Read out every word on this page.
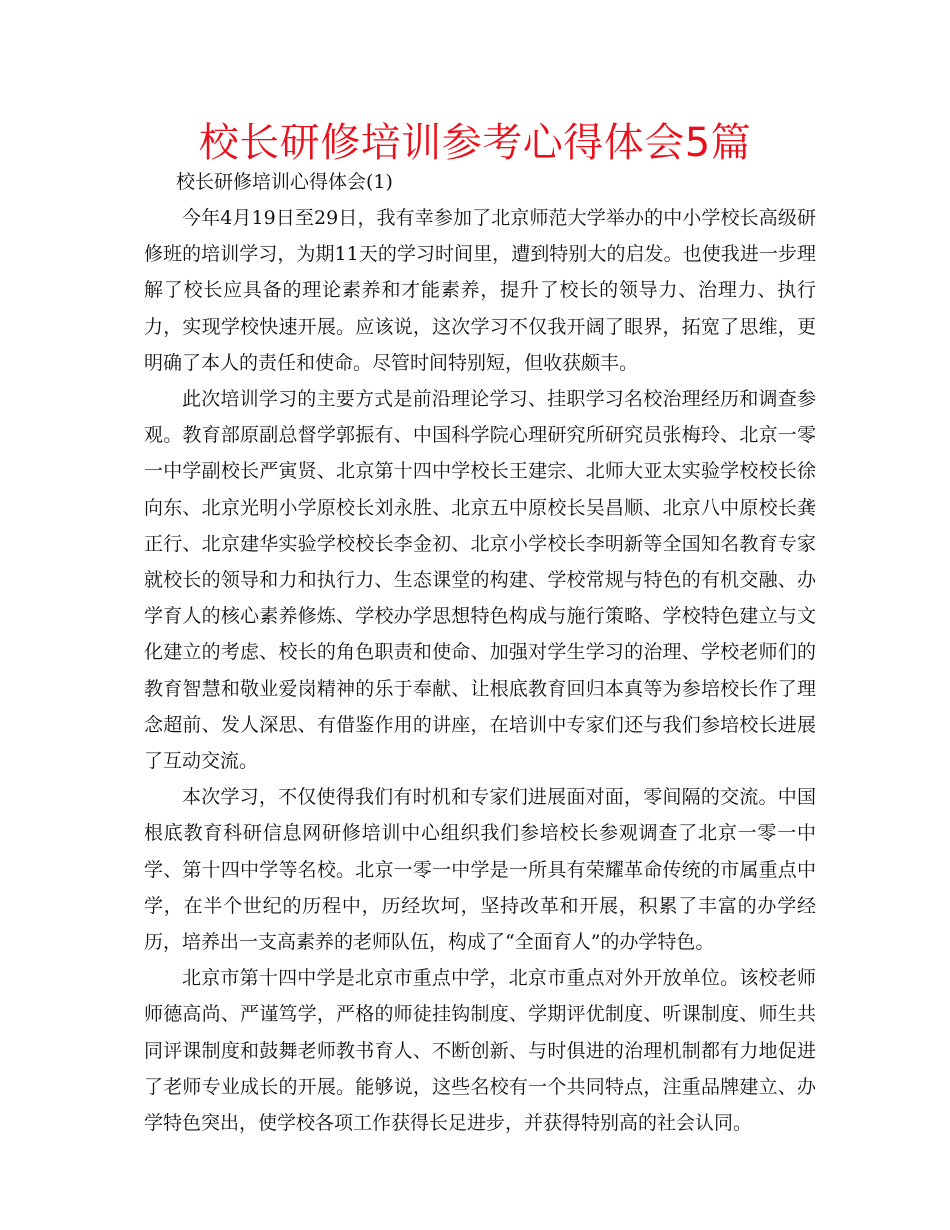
校长研修培训参考心得体会5篇

校长研修培训心得体会(1)

今年4月19日至29日，我有幸参加了北京师范大学举办的中小学校长高级研修班的培训学习，为期11天的学习时间里，遭到特别大的启发。也使我进一步理解了校长应具备的理论素养和才能素养，提升了校长的领导力、治理力、执行力，实现学校快速开展。应该说，这次学习不仅我开阔了眼界，拓宽了思维，更明确了本人的责任和使命。尽管时间特别短，但收获颇丰。

此次培训学习的主要方式是前沿理论学习、挂职学习名校治理经历和调查参观。教育部原副总督学郭振有、中国科学院心理研究所研究员张梅玲、北京一零一中学副校长严寅贤、北京第十四中学校长王建宗、北师大亚太实验学校校长徐向东、北京光明小学原校长刘永胜、北京五中原校长吴昌顺、北京八中原校长龚正行、北京建华实验学校校长李金初、北京小学校长李明新等全国知名教育专家就校长的领导和力和执行力、生态课堂的构建、学校常规与特色的有机交融、办学育人的核心素养修炼、学校办学思想特色构成与施行策略、学校特色建立与文化建立的考虑、校长的角色职责和使命、加强对学生学习的治理、学校老师们的教育智慧和敬业爱岗精神的乐于奉献、让根底教育回归本真等为参培校长作了理念超前、发人深思、有借鉴作用的讲座，在培训中专家们还与我们参培校长进展了互动交流。

本次学习，不仅使得我们有时机和专家们进展面对面，零间隔的交流。中国根底教育科研信息网研修培训中心组织我们参培校长参观调查了北京一零一中学、第十四中学等名校。北京一零一中学是一所具有荣耀革命传统的市属重点中学，在半个世纪的历程中，历经坎坷，坚持改革和开展，积累了丰富的办学经历，培养出一支高素养的老师队伍，构成了“全面育人”的办学特色。

北京市第十四中学是北京市重点中学，北京市重点对外开放单位。该校老师师德高尚、严谨笃学，严格的师徒挂钩制度、学期评优制度、听课制度、师生共同评课制度和鼓舞老师教书育人、不断创新、与时俱进的治理机制都有力地促进了老师专业成长的开展。能够说，这些名校有一个共同特点，注重品牌建立、办学特色突出，使学校各项工作获得长足进步，并获得特别高的社会认同。
